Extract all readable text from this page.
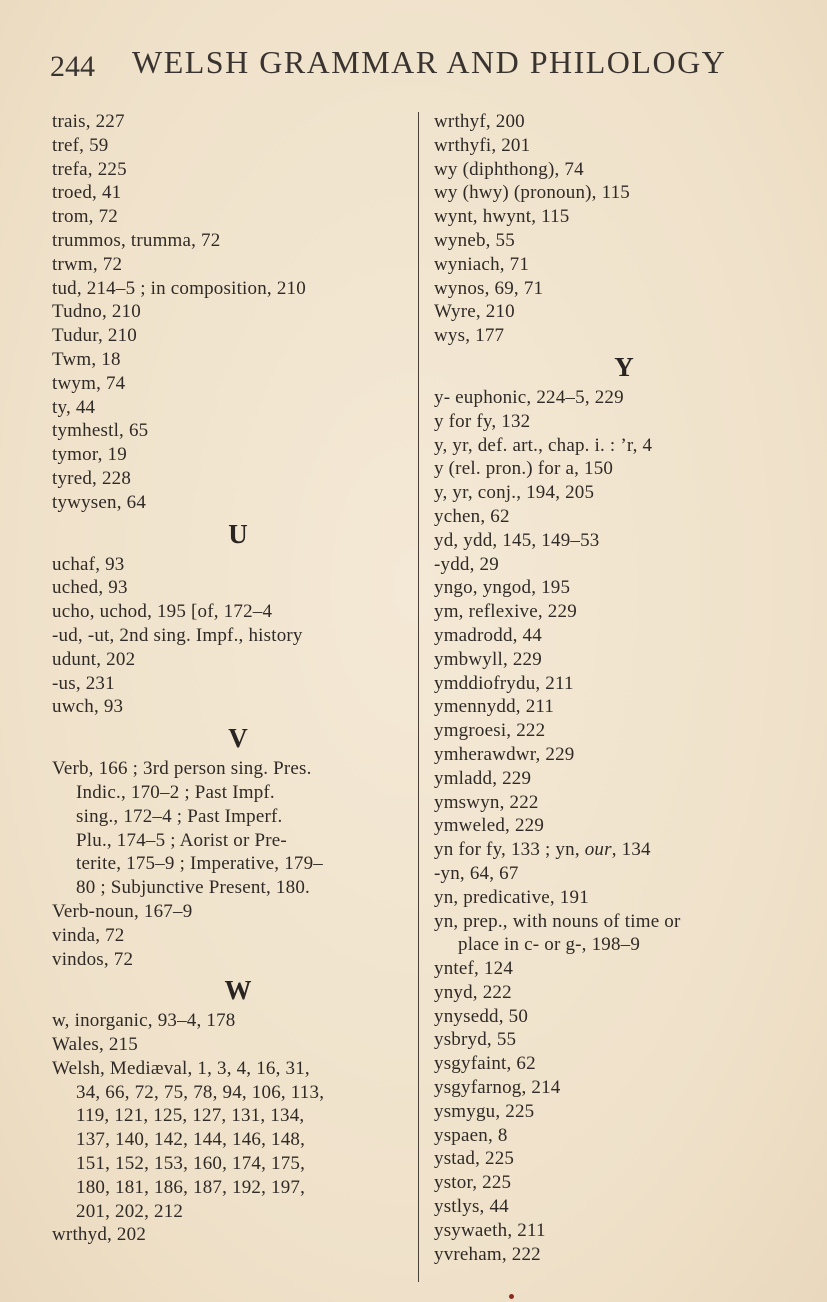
244 WELSH GRAMMAR AND PHILOLOGY
trais, 227
tref, 59
trefa, 225
troed, 41
trom, 72
trummos, trumma, 72
trwm, 72
tud, 214–5 ; in composition, 210
Tudno, 210
Tudur, 210
Twm, 18
twym, 74
ty, 44
tymhestl, 65
tymor, 19
tyred, 228
tywysen, 64
U
uchaf, 93
uched, 93
ucho, uchod, 195 [of, 172–4
-ud, -ut, 2nd sing. Impf., history
udunt, 202
-us, 231
uwch, 93
V
Verb, 166 ; 3rd person sing. Pres.
Indic., 170–2 ; Past Impf.
sing., 172–4 ; Past Imperf.
Plu., 174–5 ; Aorist or Pre-
terite, 175–9 ; Imperative, 179–
80 ; Subjunctive Present, 180.
Verb-noun, 167–9
vinda, 72
vindos, 72
W
w, inorganic, 93–4, 178
Wales, 215
Welsh, Mediæval, 1, 3, 4, 16, 31,
34, 66, 72, 75, 78, 94, 106, 113,
119, 121, 125, 127, 131, 134,
137, 140, 142, 144, 146, 148,
151, 152, 153, 160, 174, 175,
180, 181, 186, 187, 192, 197,
201, 202, 212
wrthyd, 202
wrthyf, 200
wrthyfi, 201
wy (diphthong), 74
wy (hwy) (pronoun), 115
wynt, hwynt, 115
wyneb, 55
wyniach, 71
wynos, 69, 71
Wyre, 210
wys, 177
Y
y- euphonic, 224–5, 229
y for fy, 132
y, yr, def. art., chap. i. : ’r, 4
y (rel. pron.) for a, 150
y, yr, conj., 194, 205
ychen, 62
yd, ydd, 145, 149–53
-ydd, 29
yngo, yngod, 195
ym, reflexive, 229
ymadrodd, 44
ymbwyll, 229
ymddiofrydu, 211
ymennydd, 211
ymgroesi, 222
ymherawdwr, 229
ymladd, 229
ymswyn, 222
ymweled, 229
yn for fy, 133 ; yn, our, 134
-yn, 64, 67
yn, predicative, 191
yn, prep., with nouns of time or
place in c- or g-, 198–9
yntef, 124
ynyd, 222
ynysedd, 50
ysbryd, 55
ysgyfaint, 62
ysgyfarnog, 214
ysmygu, 225
yspaen, 8
ystad, 225
ystor, 225
ystlys, 44
ysywaeth, 211
yvreham, 222
